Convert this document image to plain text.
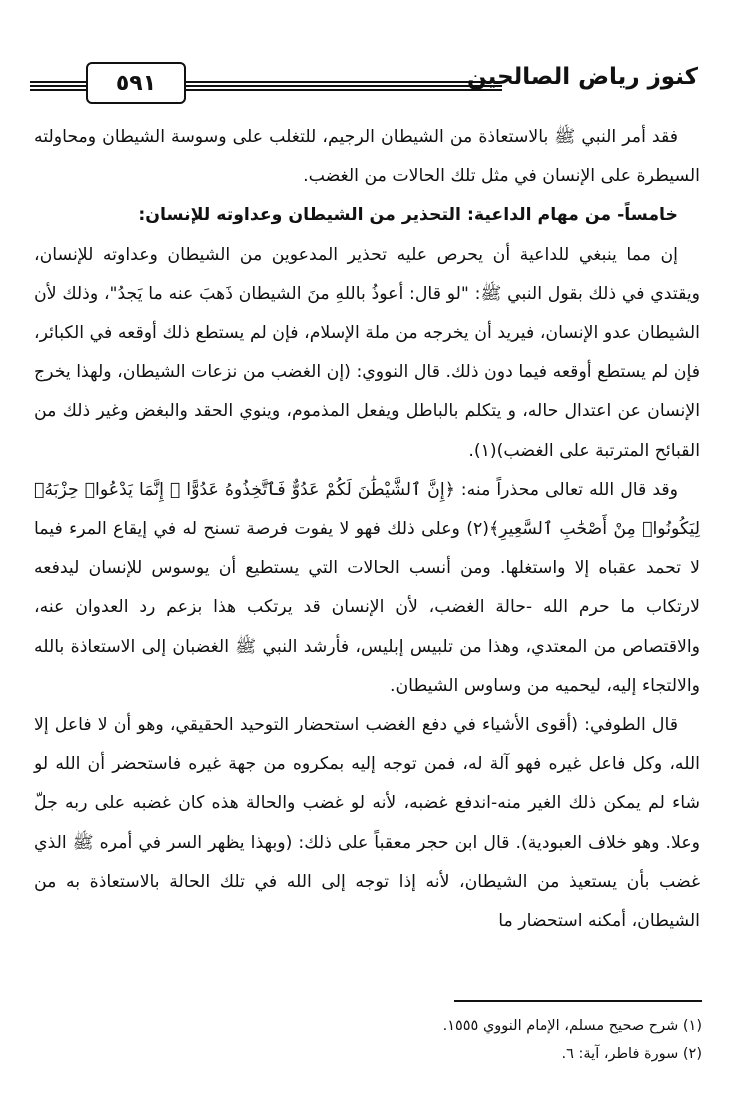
٥٩١	كنوز رياض الصالحين

فقد أمر النبي ﷺ بالاستعاذة من الشيطان الرجيم، للتغلب على وسوسة الشيطان ومحاولته السيطرة على الإنسان في مثل تلك الحالات من الغضب.

خامساً- من مهام الداعية: التحذير من الشيطان وعداوته للإنسان:

إن مما ينبغي للداعية أن يحرص عليه تحذير المدعوين من الشيطان وعداوته للإنسان، ويقتدي في ذلك بقول النبي ﷺ: "لو قال: أعوذُ باللهِ منَ الشيطان ذَهبَ عنه ما يَجدُ"، وذلك لأن الشيطان عدو الإنسان، فيريد أن يخرجه من ملة الإسلام، فإن لم يستطع ذلك أوقعه في الكبائر، فإن لم يستطع أوقعه فيما دون ذلك. قال النووي: (إن الغضب من نزعات الشيطان، ولهذا يخرج الإنسان عن اعتدال حاله، و يتكلم بالباطل ويفعل المذموم، وينوي الحقد والبغض وغير ذلك من القبائح المترتبة على الغضب)(١).

وقد قال الله تعالى محذراً منه: ﴿إِنَّ ٱلشَّيْطَٰنَ لَكُمْ عَدُوٌّ فَٱتَّخِذُوهُ عَدُوًّا ۚ إِنَّمَا يَدْعُوا۟ حِزْبَهُۥ لِيَكُونُوا۟ مِنْ أَصْحَٰبِ ٱلسَّعِيرِ﴾(٢) وعلى ذلك فهو لا يفوت فرصة تسنح له في إيقاع المرء فيما لا تحمد عقباه إلا واستغلها. ومن أنسب الحالات التي يستطيع أن يوسوس للإنسان ليدفعه لارتكاب ما حرم الله -حالة الغضب، لأن الإنسان قد يرتكب هذا بزعم رد العدوان عنه، والاقتصاص من المعتدي، وهذا من تلبيس إبليس، فأرشد النبي ﷺ الغضبان إلى الاستعاذة بالله والالتجاء إليه، ليحميه من وساوس الشيطان.

قال الطوفي: (أقوى الأشياء في دفع الغضب استحضار التوحيد الحقيقي، وهو أن لا فاعل إلا الله، وكل فاعل غيره فهو آلة له، فمن توجه إليه بمكروه من جهة غيره فاستحضر أن الله لو شاء لم يمكن ذلك الغير منه-اندفع غضبه، لأنه لو غضب والحالة هذه كان غضبه على ربه جلّ وعلا. وهو خلاف العبودية). قال ابن حجر معقباً على ذلك: (وبهذا يظهر السر في أمره ﷺ الذي غضب بأن يستعيذ من الشيطان، لأنه إذا توجه إلى الله في تلك الحالة بالاستعاذة به من الشيطان، أمكنه استحضار ما

(١) شرح صحيح مسلم، الإمام النووي ١٥٥٥.
(٢) سورة فاطر، آية: ٦.
